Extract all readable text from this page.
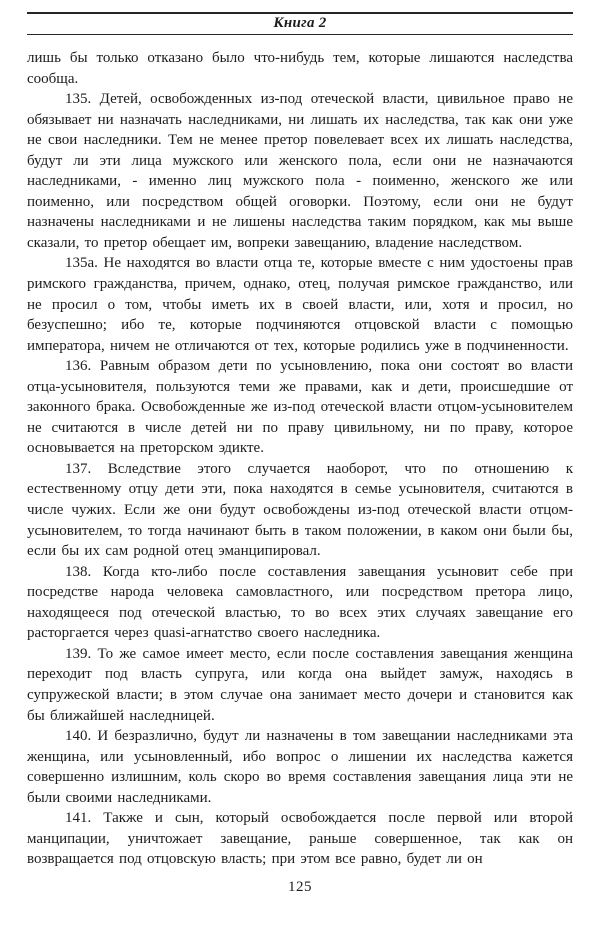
Книга 2

лишь бы только отказано было что-нибудь тем, которые лишаются наследства сообща.

135. Детей, освобожденных из-под отеческой власти, цивильное право не обязывает ни назначать наследниками, ни лишать их наследства, так как они уже не свои наследники. Тем не менее претор повелевает всех их лишать наследства, будут ли эти лица мужского или женского пола, если они не назначаются наследниками, - именно лиц мужского пола - поименно, женского же или поименно, или посредством общей оговорки. Поэтому, если они не будут назначены наследниками и не лишены наследства таким порядком, как мы выше сказали, то претор обещает им, вопреки завещанию, владение наследством.

135а. Не находятся во власти отца те, которые вместе с ним удостоены прав римского гражданства, причем, однако, отец, получая римское гражданство, или не просил о том, чтобы иметь их в своей власти, или, хотя и просил, но безуспешно; ибо те, которые подчиняются отцовской власти с помощью императора, ничем не отличаются от тех, которые родились уже в подчиненности.

136. Равным образом дети по усыновлению, пока они состоят во власти отца-усыновителя, пользуются теми же правами, как и дети, происшедшие от законного брака. Освобожденные же из-под отеческой власти отцом-усыновителем не считаются в числе детей ни по праву цивильному, ни по праву, которое основывается на преторском эдикте.

137. Вследствие этого случается наоборот, что по отношению к естественному отцу дети эти, пока находятся в семье усыновителя, считаются в числе чужих. Если же они будут освобождены из-под отеческой власти отцом-усыновителем, то тогда начинают быть в таком положении, в каком они были бы, если бы их сам родной отец эманципировал.

138. Когда кто-либо после составления завещания усыновит себе при посредстве народа человека самовластного, или посредством претора лицо, находящееся под отеческой властью, то во всех этих случаях завещание его расторгается через quasi-агнатство своего наследника.

139. То же самое имеет место, если после составления завещания женщина переходит под власть супруга, или когда она выйдет замуж, находясь в супружеской власти; в этом случае она занимает место дочери и становится как бы ближайшей наследницей.

140. И безразлично, будут ли назначены в том завещании наследниками эта женщина, или усыновленный, ибо вопрос о лишении их наследства кажется совершенно излишним, коль скоро во время составления завещания лица эти не были своими наследниками.

141. Также и сын, который освобождается после первой или второй манципации, уничтожает завещание, раньше совершенное, так как он возвращается под отцовскую власть; при этом все равно, будет ли он

125
